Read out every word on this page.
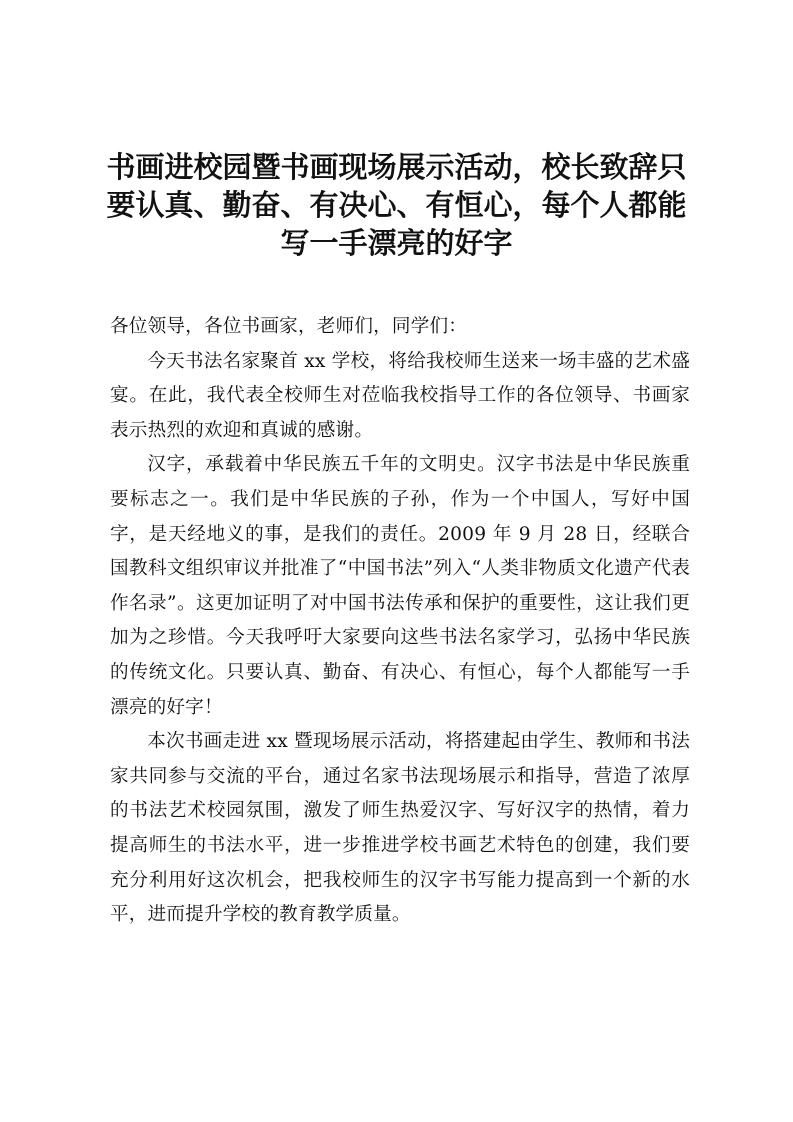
书画进校园暨书画现场展示活动，校长致辞只要认真、勤奋、有决心、有恒心，每个人都能写一手漂亮的好字

各位领导，各位书画家，老师们，同学们：

今天书法名家聚首 xx 学校，将给我校师生送来一场丰盛的艺术盛宴。在此，我代表全校师生对莅临我校指导工作的各位领导、书画家表示热烈的欢迎和真诚的感谢。

汉字，承载着中华民族五千年的文明史。汉字书法是中华民族重要标志之一。我们是中华民族的子孙，作为一个中国人，写好中国字，是天经地义的事，是我们的责任。2009 年 9 月 28 日，经联合国教科文组织审议并批准了“中国书法”列入“人类非物质文化遗产代表作名录”。这更加证明了对中国书法传承和保护的重要性，这让我们更加为之珍惜。今天我呼吁大家要向这些书法名家学习，弘扬中华民族的传统文化。只要认真、勤奋、有决心、有恒心，每个人都能写一手漂亮的好字！

本次书画走进 xx 暨现场展示活动，将搭建起由学生、教师和书法家共同参与交流的平台，通过名家书法现场展示和指导，营造了浓厚的书法艺术校园氛围，激发了师生热爱汉字、写好汉字的热情，着力提高师生的书法水平，进一步推进学校书画艺术特色的创建，我们要充分利用好这次机会，把我校师生的汉字书写能力提高到一个新的水平，进而提升学校的教育教学质量。
